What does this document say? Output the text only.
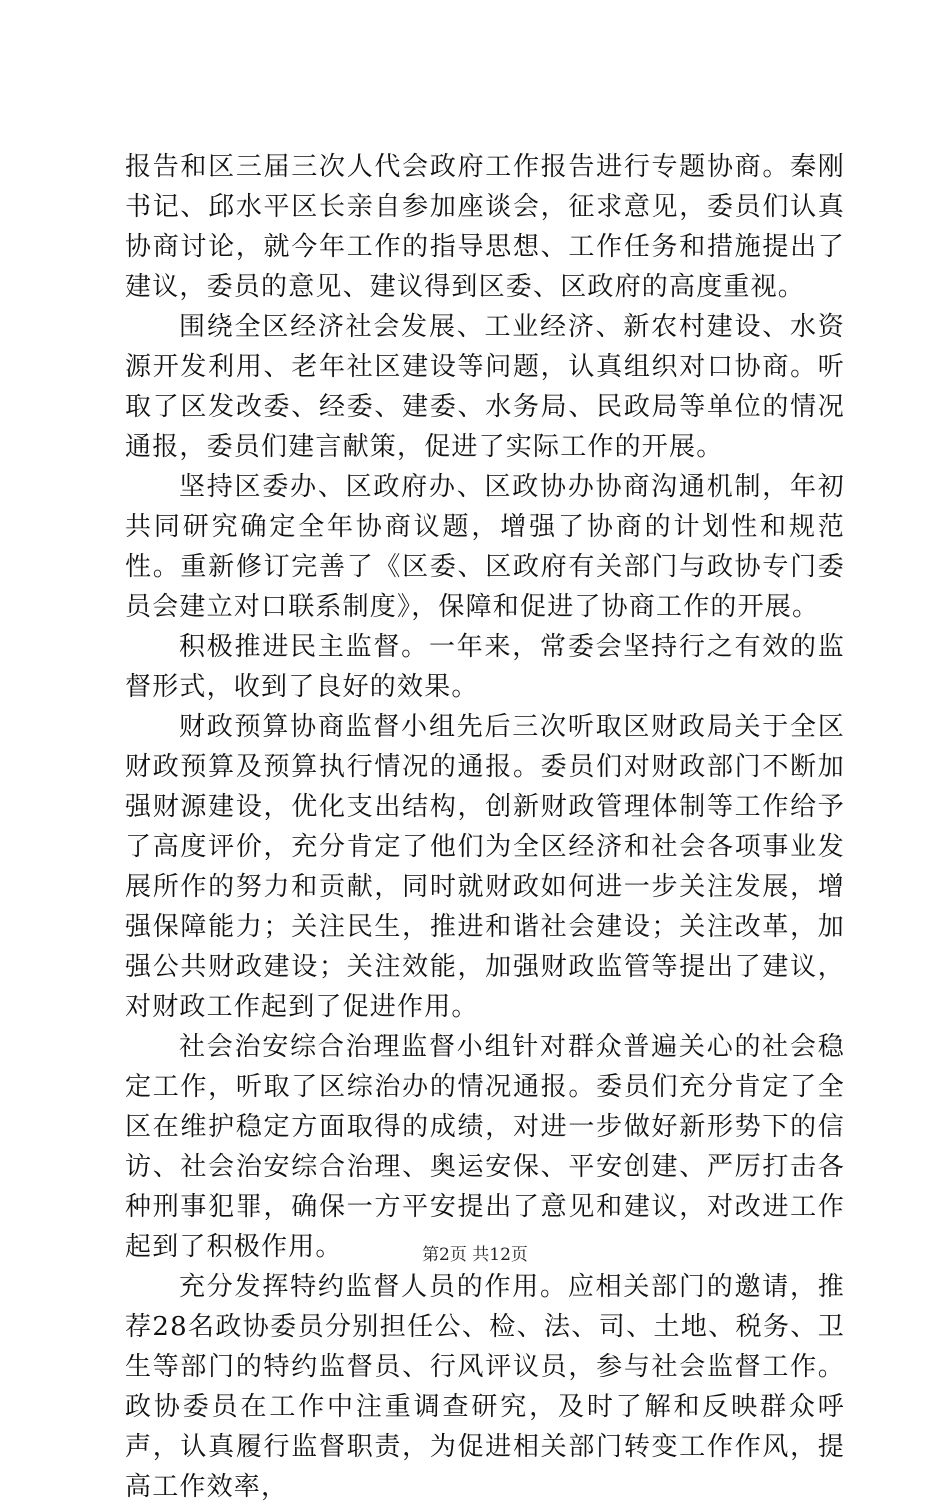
报告和区三届三次人代会政府工作报告进行专题协商。秦刚书记、邱水平区长亲自参加座谈会，征求意见，委员们认真协商讨论，就今年工作的指导思想、工作任务和措施提出了建议，委员的意见、建议得到区委、区政府的高度重视。

围绕全区经济社会发展、工业经济、新农村建设、水资源开发利用、老年社区建设等问题，认真组织对口协商。听取了区发改委、经委、建委、水务局、民政局等单位的情况通报，委员们建言献策，促进了实际工作的开展。

坚持区委办、区政府办、区政协办协商沟通机制，年初共同研究确定全年协商议题，增强了协商的计划性和规范性。重新修订完善了《区委、区政府有关部门与政协专门委员会建立对口联系制度》，保障和促进了协商工作的开展。

积极推进民主监督。一年来，常委会坚持行之有效的监督形式，收到了良好的效果。

财政预算协商监督小组先后三次听取区财政局关于全区财政预算及预算执行情况的通报。委员们对财政部门不断加强财源建设，优化支出结构，创新财政管理体制等工作给予了高度评价，充分肯定了他们为全区经济和社会各项事业发展所作的努力和贡献，同时就财政如何进一步关注发展，增强保障能力；关注民生，推进和谐社会建设；关注改革，加强公共财政建设；关注效能，加强财政监管等提出了建议，对财政工作起到了促进作用。

社会治安综合治理监督小组针对群众普遍关心的社会稳定工作，听取了区综治办的情况通报。委员们充分肯定了全区在维护稳定方面取得的成绩，对进一步做好新形势下的信访、社会治安综合治理、奥运安保、平安创建、严厉打击各种刑事犯罪，确保一方平安提出了意见和建议，对改进工作起到了积极作用。

充分发挥特约监督人员的作用。应相关部门的邀请，推荐28名政协委员分别担任公、检、法、司、土地、税务、卫生等部门的特约监督员、行风评议员，参与社会监督工作。政协委员在工作中注重调查研究，及时了解和反映群众呼声，认真履行监督职责，为促进相关部门转变工作作风，提高工作效率，

第2页 共12页
